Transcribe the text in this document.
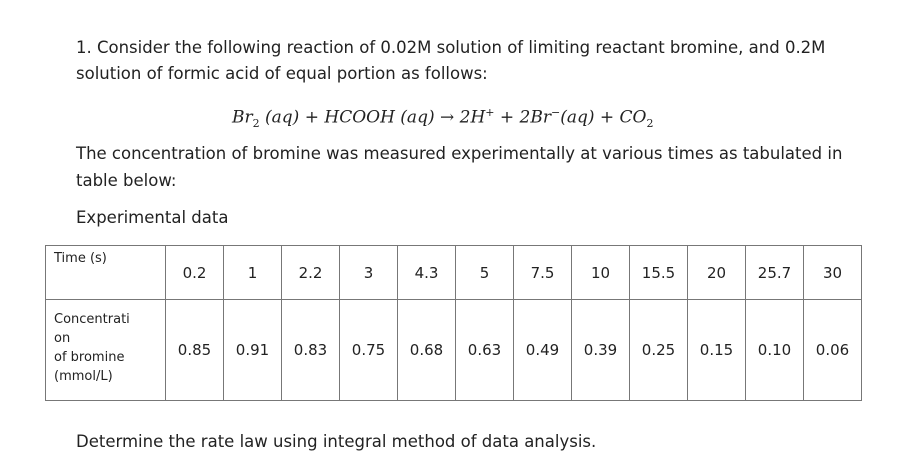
1. Consider the following reaction of 0.02M solution of limiting reactant bromine, and 0.2M
solution of formic acid of equal portion as follows:
$Br_2$ (aq) + HCOOH $(aq) \to 2H^+ + 2Br^-(aq) + CO_2$
The concentration of bromine was measured experimentally at various times as tabulated in
table below:
Experimental data
Time (s)	0.2	1	2.2	3	4.3	5	7.5	10	15.5	20	25.7	30

Concentrati
on
of bromine
(mmol/L)	0.85	0.91	0.83	0.75	0.68	0.63	0.49	0.39	0.25	0.15	0.10	0.06
Determine the rate law using integral method of data analysis.
